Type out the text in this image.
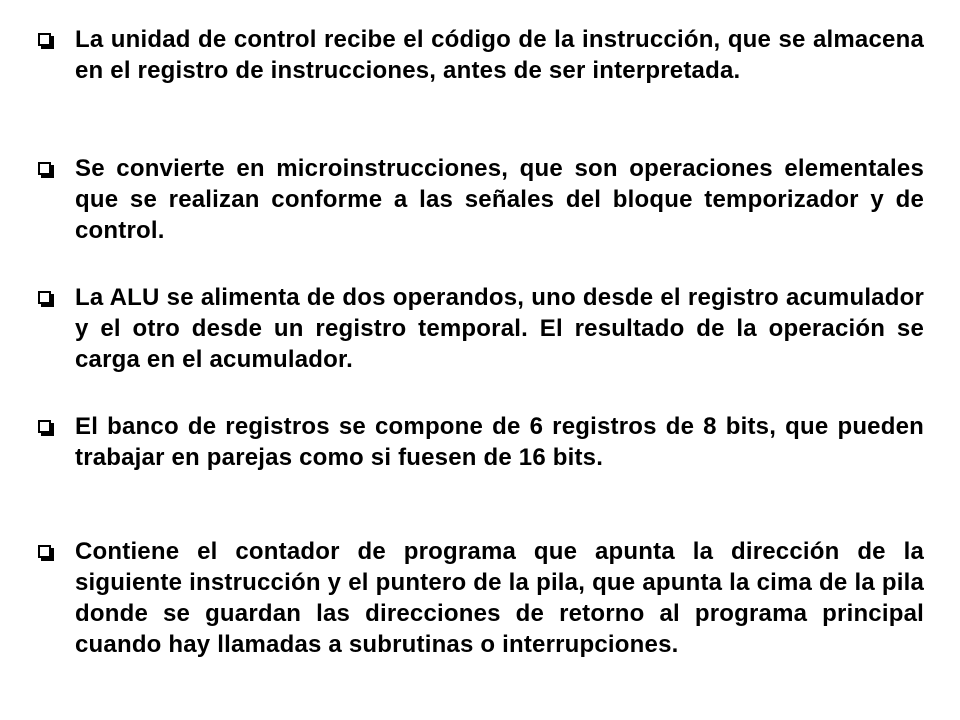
La unidad de control recibe el código de la instrucción, que se almacena en el registro de instrucciones, antes de ser interpretada.

Se convierte en microinstrucciones, que son operaciones elementales que se realizan conforme a las señales del bloque temporizador y de control.

La ALU se alimenta de dos operandos, uno desde el registro acumulador y el otro desde un registro temporal. El resultado de la operación se carga en el acumulador.

El banco de registros se compone de 6 registros de 8 bits, que pueden trabajar en parejas como si fuesen de 16 bits.

Contiene el contador de programa que apunta la dirección de la siguiente instrucción y el puntero de la pila, que apunta la cima de la pila donde se guardan las direcciones de retorno al programa principal cuando hay llamadas a subrutinas o interrupciones.
